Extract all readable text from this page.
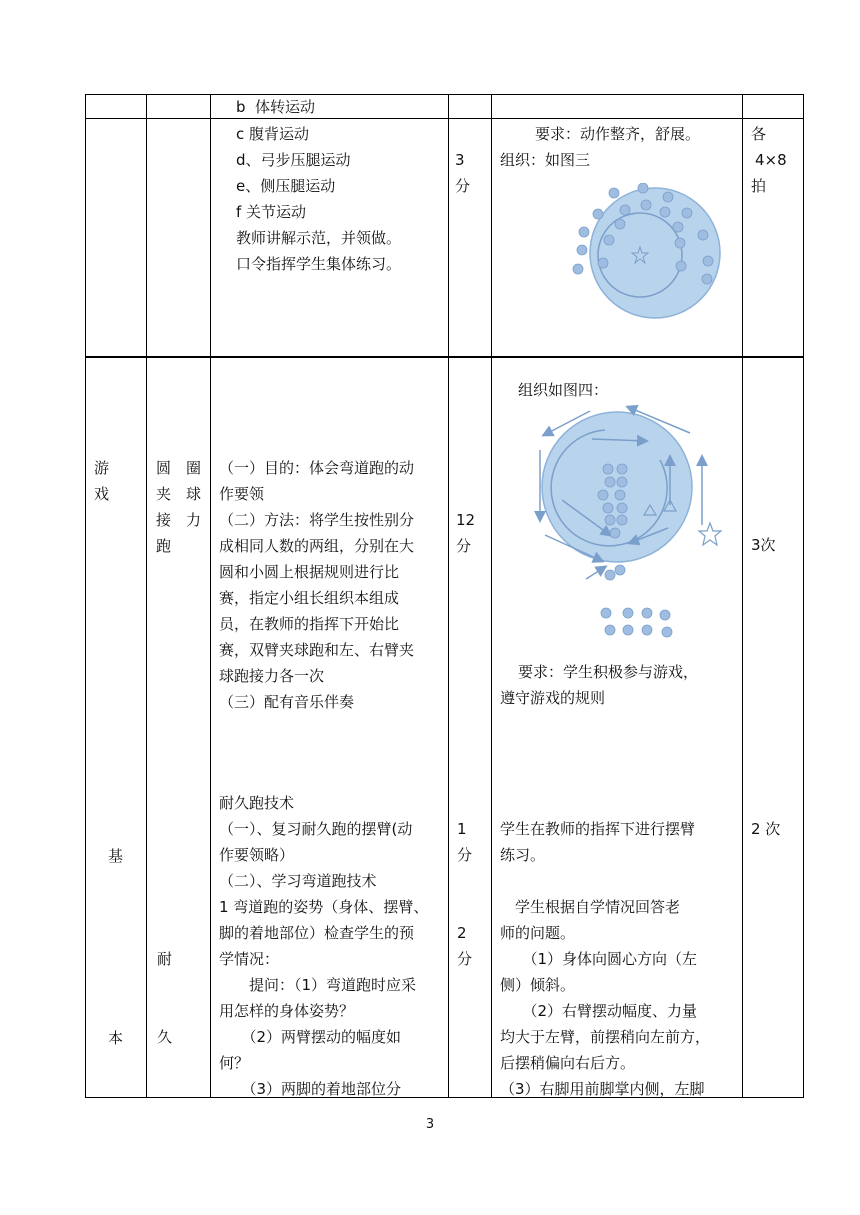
b  体转运动

c 腹背运动

d、弓步压腿运动

e、侧压腿运动

f 关节运动

教师讲解示范，并领做。

口令指挥学生集体练习。

3

分

要求：动作整齐，舒展。

组织：如图三

各

4×8

拍

游

戏

圆　圈

夹　球

接　力

跑

（一）目的：体会弯道跑的动

作要领

（二）方法：将学生按性别分

成相同人数的两组，分别在大

圆和小圆上根据规则进行比

赛，指定小组长组织本组成

员，在教师的指挥下开始比

赛，双臂夹球跑和左、右臂夹

球跑接力各一次

（三）配有音乐伴奏

12

分

组织如图四：

要求：学生积极参与游戏，

遵守游戏的规则

3次

基

本

耐

久

耐久跑技术

（一）、复习耐久跑的摆臂(动

作要领略）

（二）、学习弯道跑技术

1 弯道跑的姿势（身体、摆臂、

脚的着地部位）检查学生的预

学情况：

　　提问：（1）弯道跑时应采

用怎样的身体姿势？

　　（2）两臂摆动的幅度如

何？

　　（3）两脚的着地部位分

1

分

2

分

学生在教师的指挥下进行摆臂

练习。

　学生根据自学情况回答老

师的问题。

　　（1）身体向圆心方向（左

侧）倾斜。

　　（2）右臂摆动幅度、力量

均大于左臂，前摆稍向左前方，

后摆稍偏向右后方。

（3）右脚用前脚掌内侧，左脚

2 次
3
